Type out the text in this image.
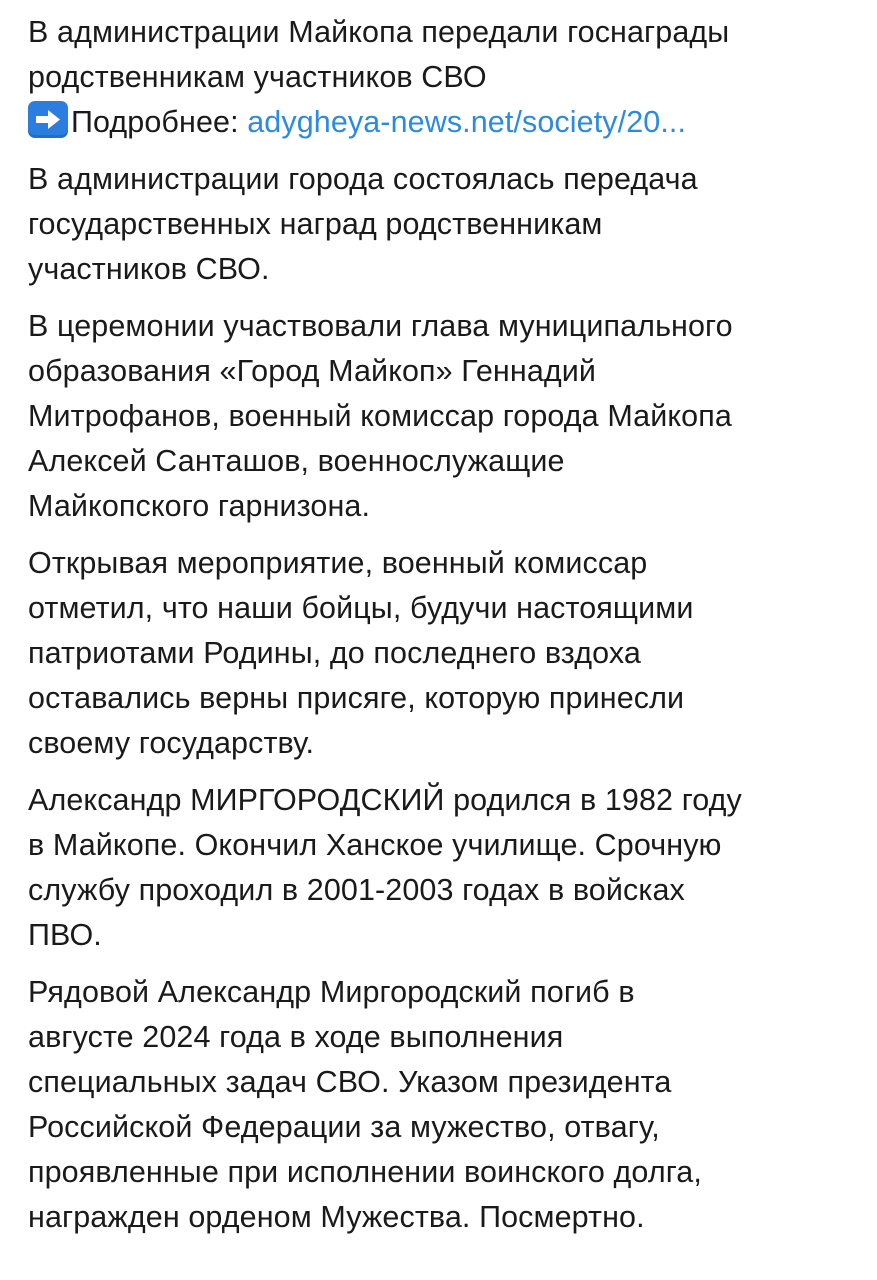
В администрации Майкопа передали госнаграды
родственникам участников СВО
Подробнее: adygheya-news.net/society/20...
В администрации города состоялась передача
государственных наград родственникам
участников СВО.
В церемонии участвовали глава муниципального
образования «Город Майкоп» Геннадий
Митрофанов, военный комиссар города Майкопа
Алексей Санташов, военнослужащие
Майкопского гарнизона.
Открывая мероприятие, военный комиссар
отметил, что наши бойцы, будучи настоящими
патриотами Родины, до последнего вздоха
оставались верны присяге, которую принесли
своему государству.
Александр МИРГОРОДСКИЙ родился в 1982 году
в Майкопе. Окончил Ханское училище. Срочную
службу проходил в 2001-2003 годах в войсках
ПВО.
Рядовой Александр Миргородский погиб в
августе 2024 года в ходе выполнения
специальных задач СВО. Указом президента
Российской Федерации за мужество, отвагу,
проявленные при исполнении воинского долга,
награжден орденом Мужества. Посмертно.
